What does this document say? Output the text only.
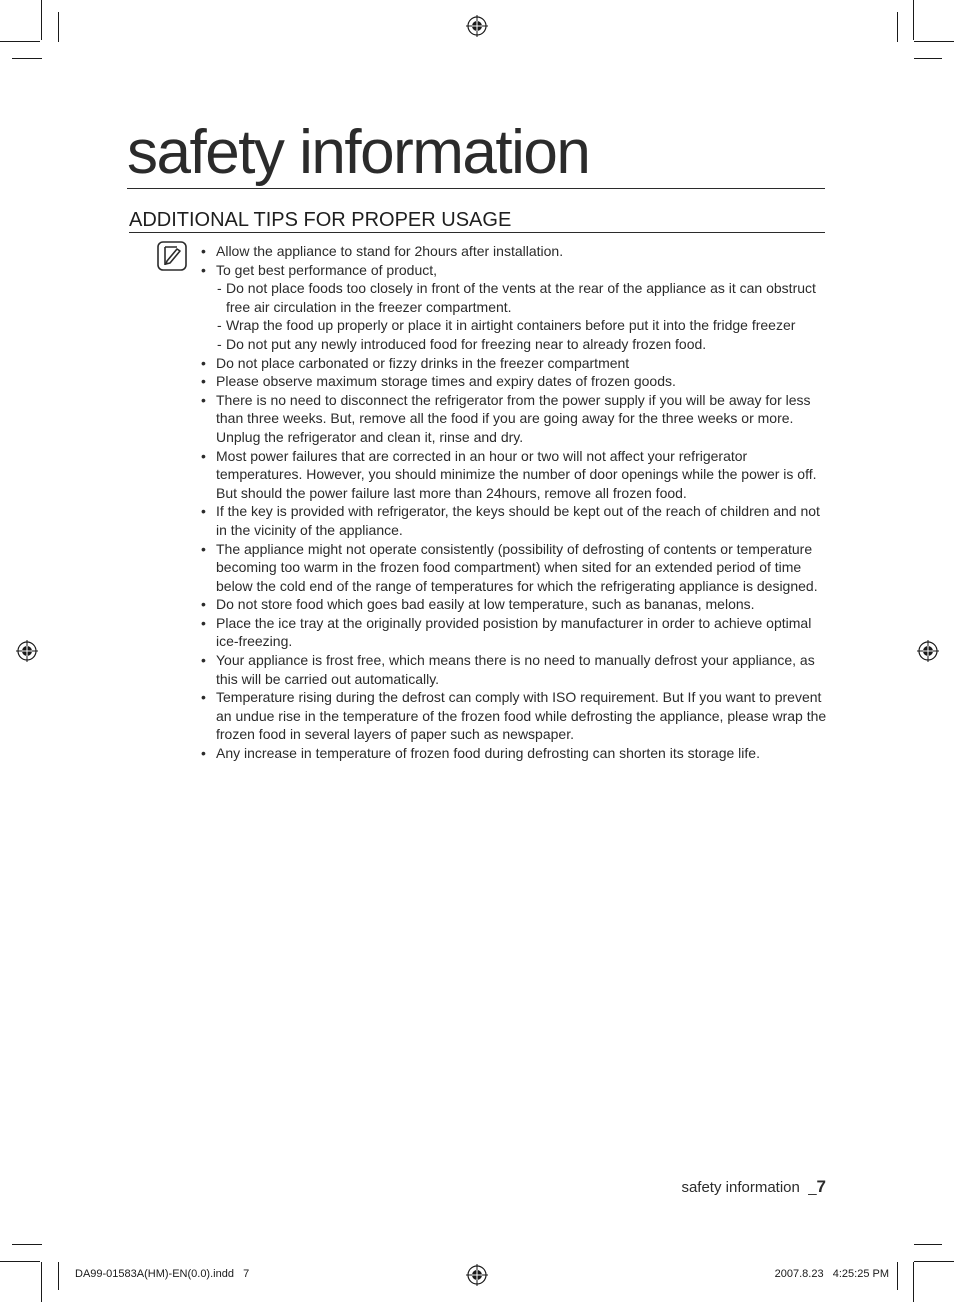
safety information
ADDITIONAL TIPS FOR PROPER USAGE
• Allow the appliance to stand for 2hours after installation.
• To get best performance of product,
- Do not place foods too closely in front of the vents at the rear of the appliance as it can obstruct free air circulation in the freezer compartment.
- Wrap the food up properly or place it in airtight containers before put it into the fridge freezer
- Do not put any newly introduced food for freezing near to already frozen food.
• Do not place carbonated or fizzy drinks in the freezer compartment
• Please observe maximum storage times and expiry dates of frozen goods.
• There is no need to disconnect the refrigerator from the power supply if you will be away for less than three weeks. But, remove all the food if you are going away for the three weeks or more. Unplug the refrigerator and clean it, rinse and dry.
• Most power failures that are corrected in an hour or two will not affect your refrigerator temperatures. However, you should minimize the number of door openings while the power is off. But should the power failure last more than 24hours, remove all frozen food.
• If the key is provided with refrigerator, the keys should be kept out of the reach of children and not in the vicinity of the appliance.
• The appliance might not operate consistently (possibility of defrosting of contents or temperature becoming too warm in the frozen food compartment) when sited for an extended period of time below the cold end of the range of temperatures for which the refrigerating appliance is designed.
• Do not store food which goes bad easily at low temperature, such as bananas, melons.
• Place the ice tray at the originally provided posistion by manufacturer in order to achieve optimal ice-freezing.
• Your appliance is frost free, which means there is no need to manually defrost your appliance, as this will be carried out automatically.
• Temperature rising during the defrost can comply with ISO requirement. But If you want to prevent an undue rise in the temperature of the frozen food while defrosting the appliance, please wrap the frozen food in several layers of paper such as newspaper.
• Any increase in temperature of frozen food during defrosting can shorten its storage life.
safety information _7
DA99-01583A(HM)-EN(0.0).indd   7	2007.8.23   4:25:25 PM
